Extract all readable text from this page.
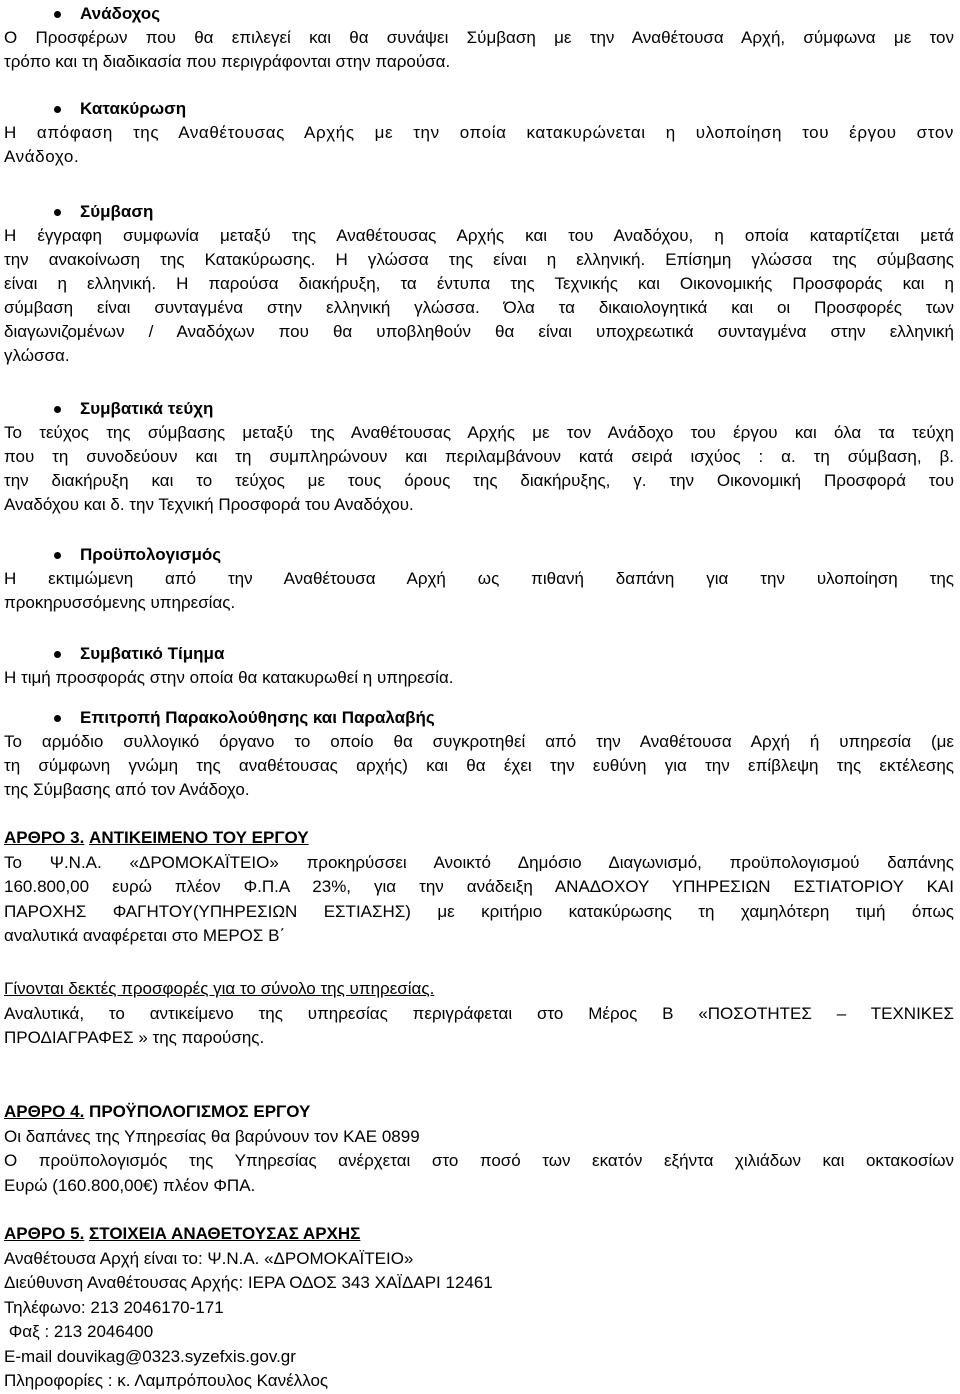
Ανάδοχος
Ο Προσφέρων που θα επιλεγεί και θα συνάψει Σύμβαση με την Αναθέτουσα Αρχή, σύμφωνα με τον
τρόπο και τη διαδικασία που περιγράφονται στην παρούσα.
Κατακύρωση
Η απόφαση της Αναθέτουσας Αρχής με την οποία κατακυρώνεται η υλοποίηση του έργου στον
Ανάδοχο.
Σύμβαση
Η έγγραφη συμφωνία μεταξύ της Αναθέτουσας Αρχής και του Αναδόχου, η οποία καταρτίζεται μετά
την ανακοίνωση της Κατακύρωσης. Η γλώσσα της είναι η ελληνική. Επίσημη γλώσσα της σύμβασης
είναι η ελληνική. Η παρούσα διακήρυξη, τα έντυπα της Τεχνικής και Οικονομικής Προσφοράς και η
σύμβαση είναι συνταγμένα στην ελληνική γλώσσα. Όλα τα δικαιολογητικά και οι Προσφορές των
διαγωνιζομένων / Αναδόχων που θα υποβληθούν θα είναι υποχρεωτικά συνταγμένα στην ελληνική
γλώσσα.
Συμβατικά τεύχη
Το τεύχος της σύμβασης μεταξύ της Αναθέτουσας Αρχής με τον Ανάδοχο του έργου και όλα τα τεύχη
που τη συνοδεύουν και τη συμπληρώνουν και περιλαμβάνουν κατά σειρά ισχύος : α. τη σύμβαση, β.
την διακήρυξη και το τεύχος με τους όρους της διακήρυξης, γ. την Οικονομική Προσφορά του
Αναδόχου και δ. την Τεχνική Προσφορά του Αναδόχου.
Προϋπολογισμός
Η εκτιμώμενη από την Αναθέτουσα Αρχή ως πιθανή δαπάνη για την υλοποίηση της
προκηρυσσόμενης υπηρεσίας.
Συμβατικό Τίμημα
Η τιμή προσφοράς στην οποία θα κατακυρωθεί η υπηρεσία.
Επιτροπή Παρακολούθησης και Παραλαβής
Το αρμόδιο συλλογικό όργανο το οποίο θα συγκροτηθεί από την Αναθέτουσα Αρχή ή υπηρεσία (με
τη σύμφωνη γνώμη της αναθέτουσας αρχής) και θα έχει την ευθύνη για την επίβλεψη της εκτέλεσης
της Σύμβασης από τον Ανάδοχο.
ΑΡΘΡΟ 3. ΑΝΤΙΚΕΙΜΕΝΟ ΤΟΥ ΕΡΓΟΥ
Το Ψ.Ν.Α. «ΔΡΟΜΟΚΑΪΤΕΙΟ» προκηρύσσει Ανοικτό Δημόσιο Διαγωνισμό, προϋπολογισμού δαπάνης
160.800,00 ευρώ πλέον Φ.Π.Α 23%, για την ανάδειξη ΑΝΑΔΟΧΟΥ ΥΠΗΡΕΣΙΩΝ ΕΣΤΙΑΤΟΡΙΟΥ ΚΑΙ
ΠΑΡΟΧΗΣ ΦΑΓΗΤΟΥ(ΥΠΗΡΕΣΙΩΝ ΕΣΤΙΑΣΗΣ) με κριτήριο κατακύρωσης τη χαμηλότερη τιμή όπως
αναλυτικά αναφέρεται στο ΜΕΡΟΣ Β΄
Γίνονται δεκτές προσφορές για το σύνολο της υπηρεσίας.
Αναλυτικά, το αντικείμενο της υπηρεσίας περιγράφεται στο Μέρος Β «ΠΟΣΟΤΗΤΕΣ – ΤΕΧΝΙΚΕΣ
ΠΡΟΔΙΑΓΡΑΦΕΣ » της παρούσης.
ΑΡΘΡΟ 4. ΠΡΟΫΠΟΛΟΓΙΣΜΟΣ ΕΡΓΟΥ
Οι δαπάνες της Υπηρεσίας θα βαρύνουν τον ΚΑΕ 0899
Ο προϋπολογισμός της Υπηρεσίας ανέρχεται στο ποσό των εκατόν εξήντα χιλιάδων και οκτακοσίων
Ευρώ (160.800,00€) πλέον ΦΠΑ.
ΑΡΘΡΟ 5. ΣΤΟΙΧΕΙΑ ΑΝΑΘΕΤΟΥΣΑΣ ΑΡΧΗΣ
Αναθέτουσα Αρχή είναι το: Ψ.Ν.Α. «ΔΡΟΜΟΚΑΪΤΕΙΟ»
Διεύθυνση Αναθέτουσας Αρχής: ΙΕΡΑ ΟΔΟΣ 343 ΧΑΪΔΑΡΙ 12461
Τηλέφωνο: 213 2046170-171
Φαξ : 213 2046400
E-mail douvikag@0323.syzefxis.gov.gr
Πληροφορίες : κ. Λαμπρόπουλος Κανέλλος
